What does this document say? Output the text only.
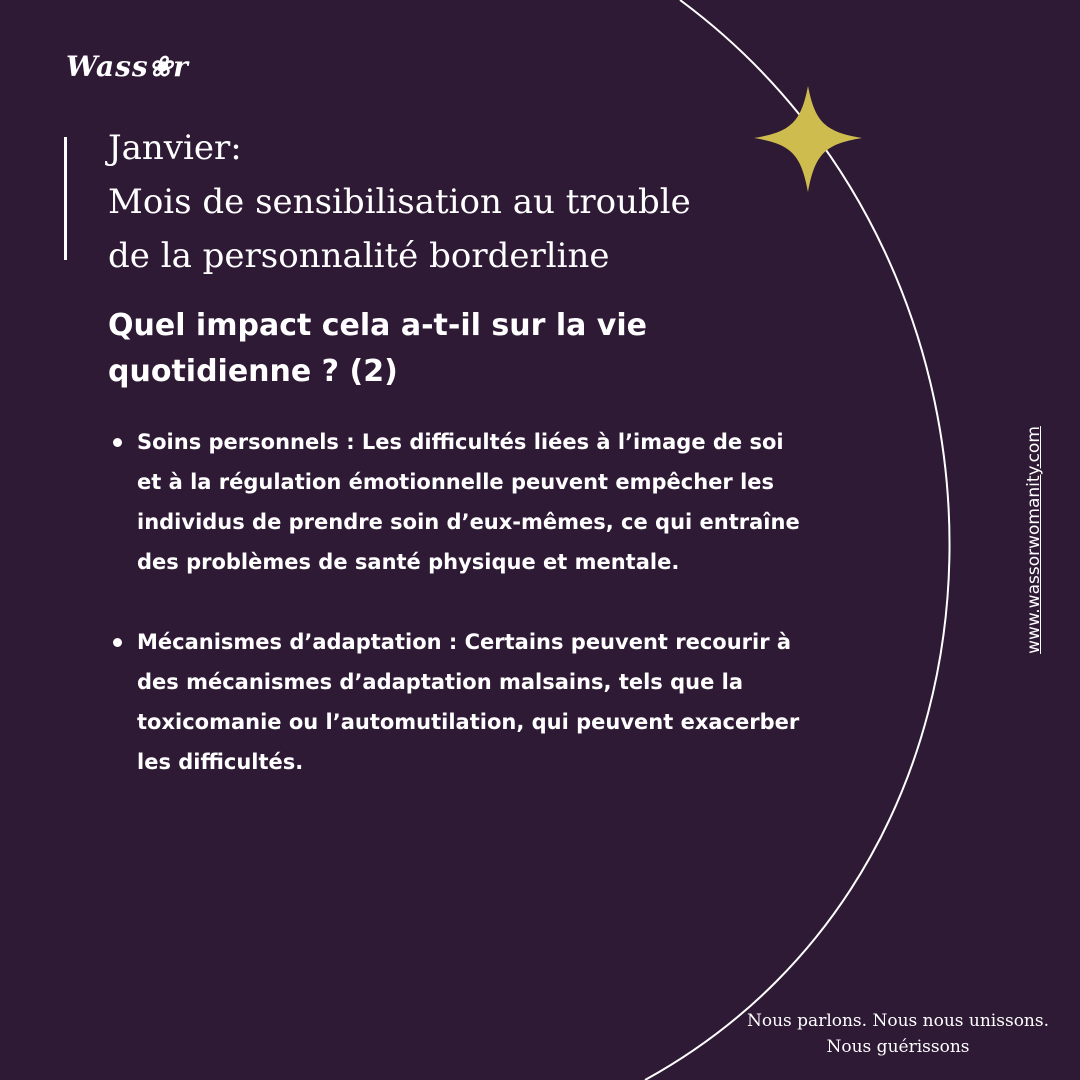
Wass❀r
Janvier:
Mois de sensibilisation au trouble
de la personnalité borderline
Quel impact cela a-t-il sur la vie quotidienne ? (2)
Soins personnels : Les difficultés liées à l’image de soi et à la régulation émotionnelle peuvent empêcher les individus de prendre soin d’eux-mêmes, ce qui entraîne des problèmes de santé physique et mentale.
Mécanismes d’adaptation : Certains peuvent recourir à des mécanismes d’adaptation malsains, tels que la toxicomanie ou l’automutilation, qui peuvent exacerber les difficultés.
www.wassorwomanity.com
Nous parlons. Nous nous unissons. Nous guérissons
